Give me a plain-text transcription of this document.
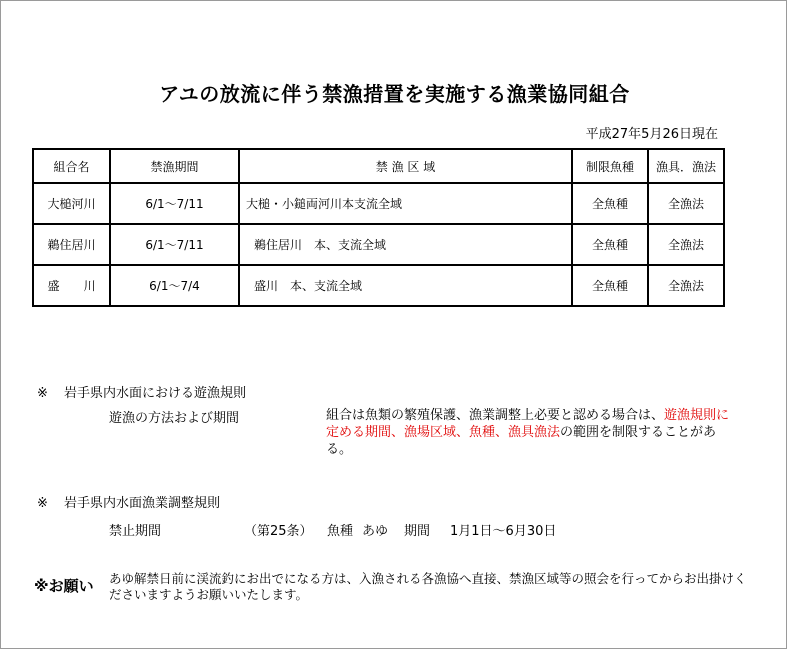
アユの放流に伴う禁漁措置を実施する漁業協同組合
平成27年5月26日現在
組合名	禁漁期間	禁 漁 区 域	制限魚種	漁具．漁法
大槌河川	6/1～7/11	大槌・小鎚両河川本支流全域	全魚種	全漁法
鵜住居川	6/1～7/11	鵜住居川　本、支流全域	全魚種	全漁法
盛　　川	6/1～7/4	盛川　本、支流全域	全魚種	全漁法
※ 岩手県内水面における遊漁規則
遊漁の方法および期間	組合は魚類の繁殖保護、漁業調整上必要と認める場合は、遊漁規則に
定める期間、漁場区域、魚種、漁具漁法の範囲を制限することがある。
※ 岩手県内水面漁業調整規則
禁止期間	（第25条） 魚種 あゆ 期間 1月1日～6月30日
※お願い あゆ解禁日前に渓流釣にお出でになる方は、入漁される各漁協へ直接、禁漁区域等の照会を行ってからお出掛けくださいますようお願いいたします。
